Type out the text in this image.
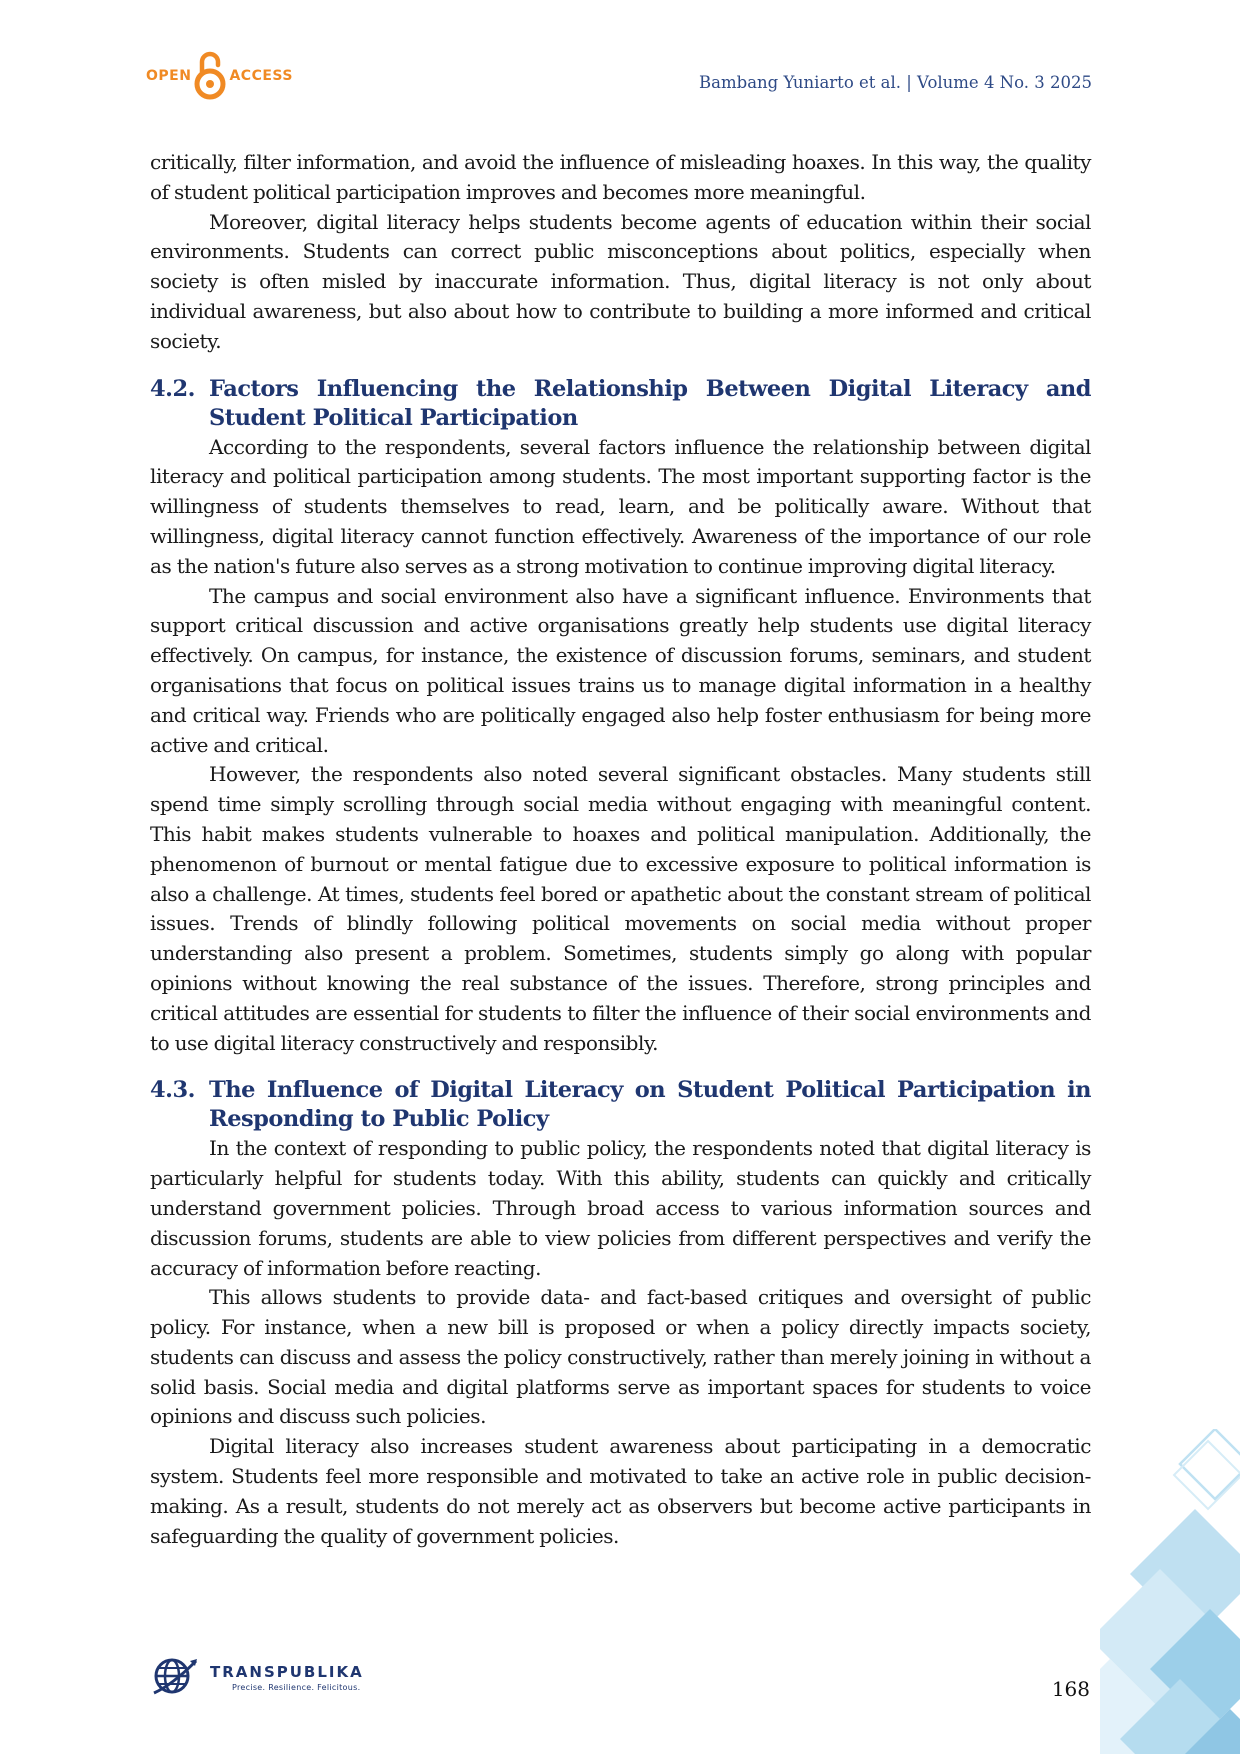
OPEN	ACCESS	Bambang Yuniarto et al. | Volume 4 No. 3 2025

critically, filter information, and avoid the influence of misleading hoaxes. In this way, the quality of student political participation improves and becomes more meaningful.

Moreover, digital literacy helps students become agents of education within their social environments. Students can correct public misconceptions about politics, especially when society is often misled by inaccurate information. Thus, digital literacy is not only about individual awareness, but also about how to contribute to building a more informed and critical society.

4.2. Factors Influencing the Relationship Between Digital Literacy and Student Political Participation

According to the respondents, several factors influence the relationship between digital literacy and political participation among students. The most important supporting factor is the willingness of students themselves to read, learn, and be politically aware. Without that willingness, digital literacy cannot function effectively. Awareness of the importance of our role as the nation's future also serves as a strong motivation to continue improving digital literacy.

The campus and social environment also have a significant influence. Environments that support critical discussion and active organisations greatly help students use digital literacy effectively. On campus, for instance, the existence of discussion forums, seminars, and student organisations that focus on political issues trains us to manage digital information in a healthy and critical way. Friends who are politically engaged also help foster enthusiasm for being more active and critical.

However, the respondents also noted several significant obstacles. Many students still spend time simply scrolling through social media without engaging with meaningful content. This habit makes students vulnerable to hoaxes and political manipulation. Additionally, the phenomenon of burnout or mental fatigue due to excessive exposure to political information is also a challenge. At times, students feel bored or apathetic about the constant stream of political issues. Trends of blindly following political movements on social media without proper understanding also present a problem. Sometimes, students simply go along with popular opinions without knowing the real substance of the issues. Therefore, strong principles and critical attitudes are essential for students to filter the influence of their social environments and to use digital literacy constructively and responsibly.

4.3. The Influence of Digital Literacy on Student Political Participation in Responding to Public Policy

In the context of responding to public policy, the respondents noted that digital literacy is particularly helpful for students today. With this ability, students can quickly and critically understand government policies. Through broad access to various information sources and discussion forums, students are able to view policies from different perspectives and verify the accuracy of information before reacting.

This allows students to provide data- and fact-based critiques and oversight of public policy. For instance, when a new bill is proposed or when a policy directly impacts society, students can discuss and assess the policy constructively, rather than merely joining in without a solid basis. Social media and digital platforms serve as important spaces for students to voice opinions and discuss such policies.

Digital literacy also increases student awareness about participating in a democratic system. Students feel more responsible and motivated to take an active role in public decision-making. As a result, students do not merely act as observers but become active participants in safeguarding the quality of government policies.

TRANSPUBLIKA
Precise. Resilience. Felicitous.	168
